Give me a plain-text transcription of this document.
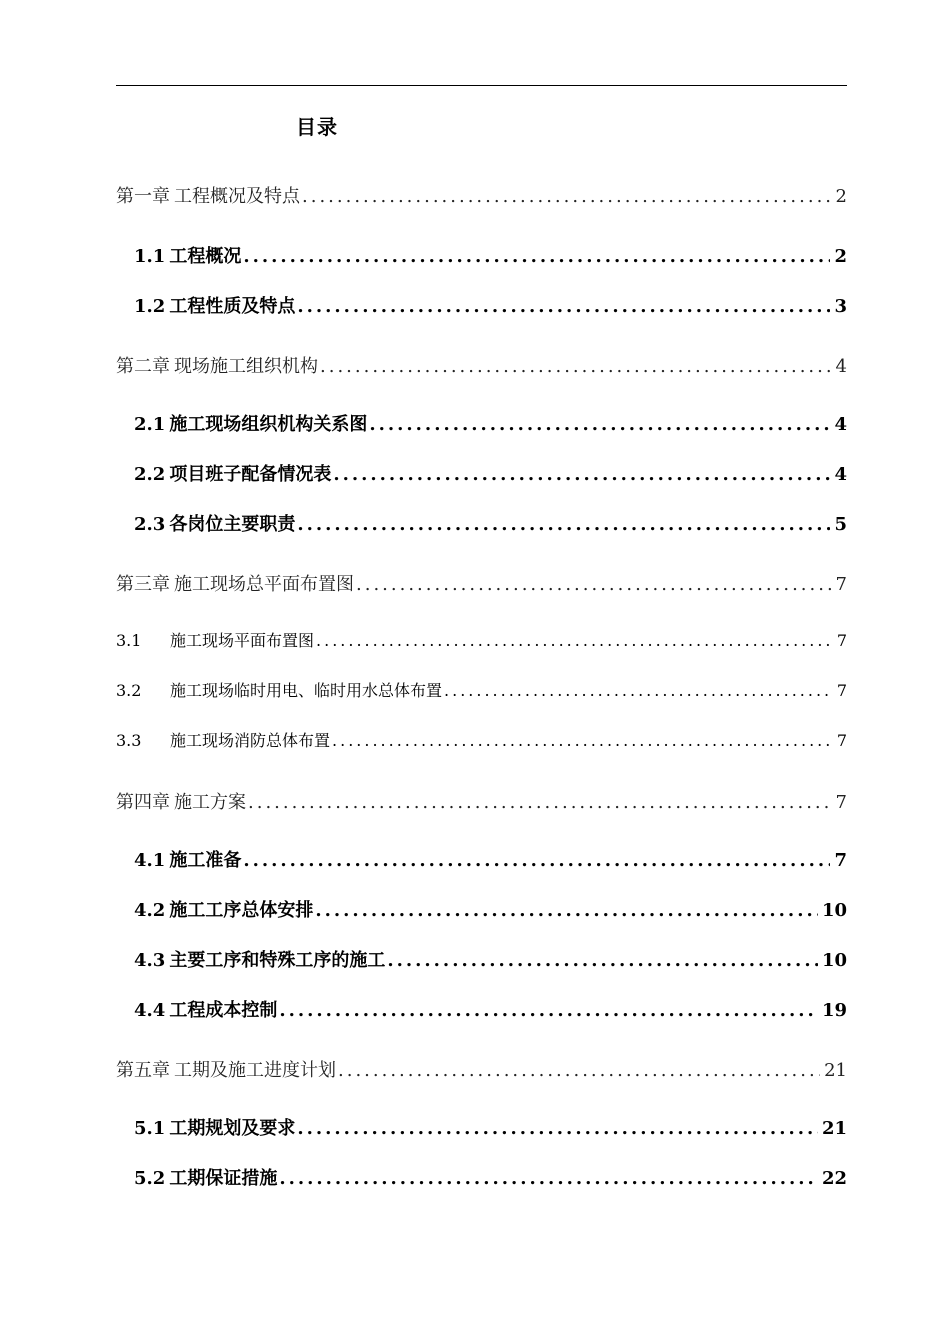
目录
第一章 工程概况及特点 .....	2
1.1 工程概况 .....	2
1.2 工程性质及特点 .....	3
第二章 现场施工组织机构 .....	4
2.1 施工现场组织机构关系图 .....	4
2.2 项目班子配备情况表 .....	4
2.3 各岗位主要职责 .....	5
第三章 施工现场总平面布置图 .....	7
3.1 施工现场平面布置图 .....	7
3.2 施工现场临时用电、临时用水总体布置 .....	7
3.3 施工现场消防总体布置 .....	7
第四章 施工方案 .....	7
4.1 施工准备 .....	7
4.2 施工工序总体安排 .....	10
4.3 主要工序和特殊工序的施工 .....	10
4.4 工程成本控制 .....	19
第五章 工期及施工进度计划 .....	21
5.1 工期规划及要求 .....	21
5.2 工期保证措施 .....	22
